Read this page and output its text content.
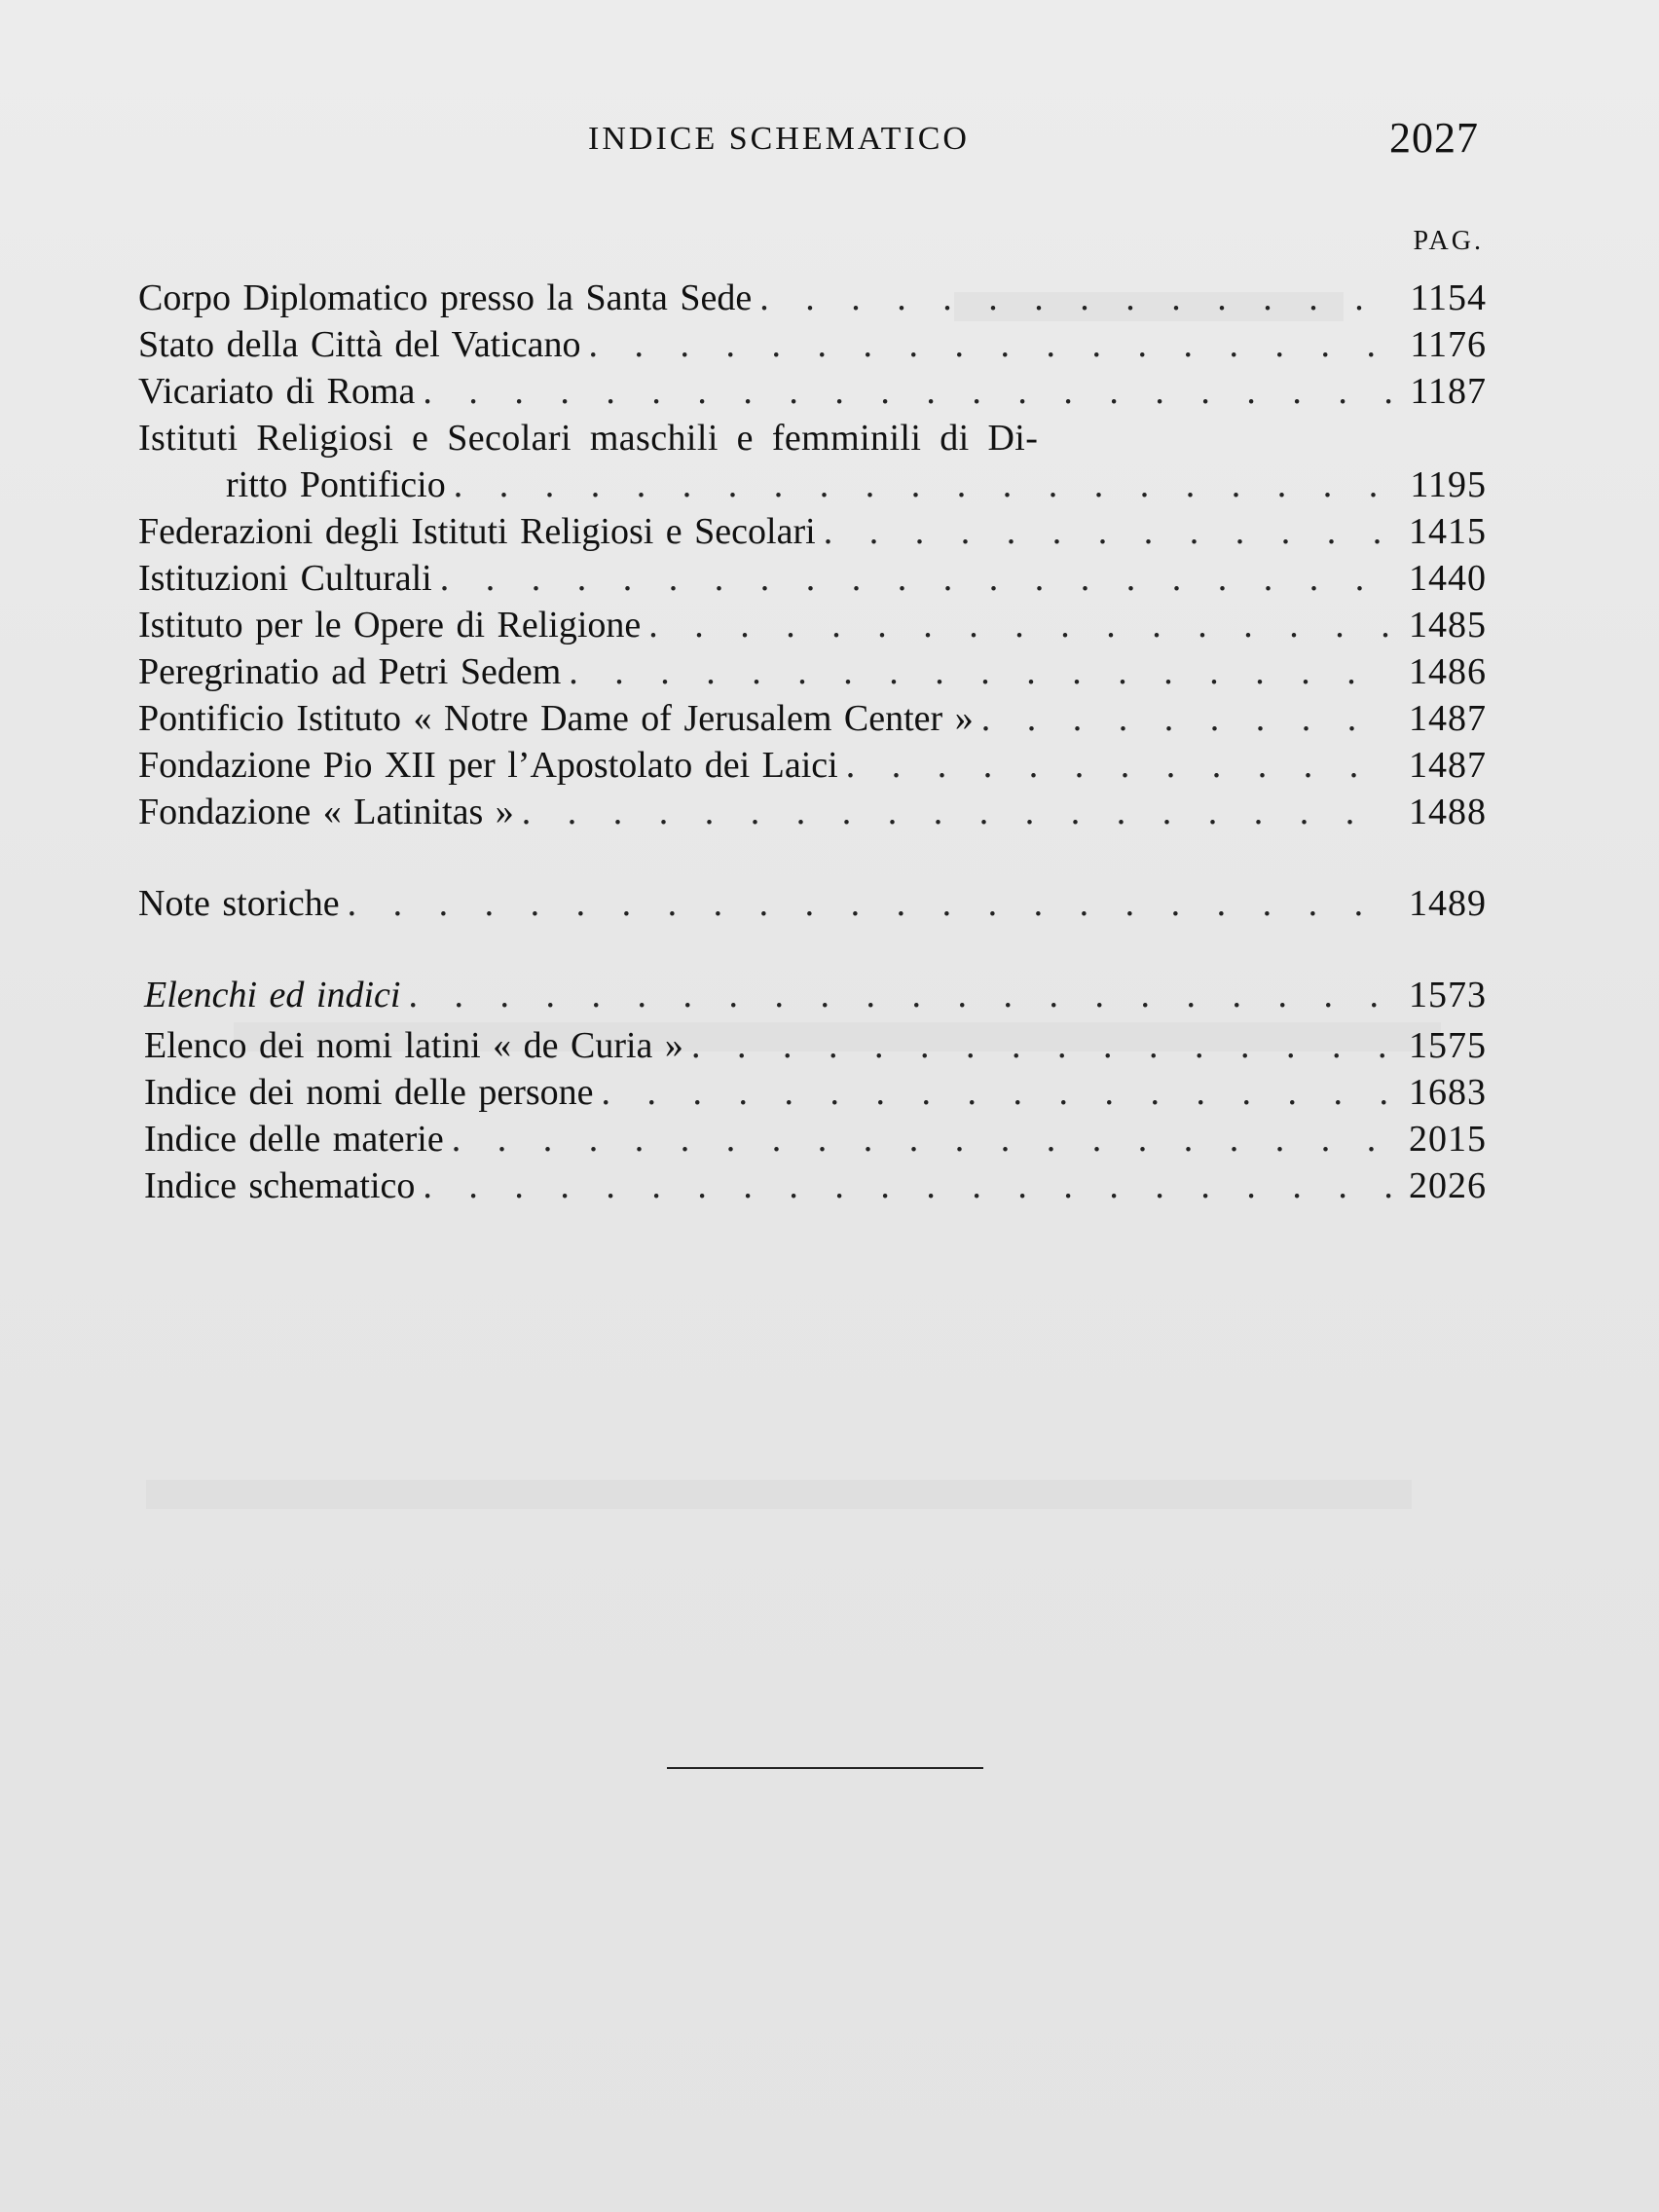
INDICE SCHEMATICO	2027
PAG.
Corpo Diplomatico presso la Santa Sede . . .	1154
Stato della Città del Vaticano . . .	1176
Vicariato di Roma . . .	1187
Istituti Religiosi e Secolari maschili e femminili di Di-
ritto Pontificio . . .	1195
Federazioni degli Istituti Religiosi e Secolari . . .	1415
Istituzioni Culturali . . .	1440
Istituto per le Opere di Religione . . .	1485
Peregrinatio ad Petri Sedem . . .	1486
Pontificio Istituto « Notre Dame of Jerusalem Center » . . .	1487
Fondazione Pio XII per l’Apostolato dei Laici . . .	1487
Fondazione « Latinitas » . . .	1488
Note storiche . . .	1489
Elenchi ed indici . . .	1573
Elenco dei nomi latini « de Curia » . . .	1575
Indice dei nomi delle persone . . .	1683
Indice delle materie . . .	2015
Indice schematico . . .	2026
